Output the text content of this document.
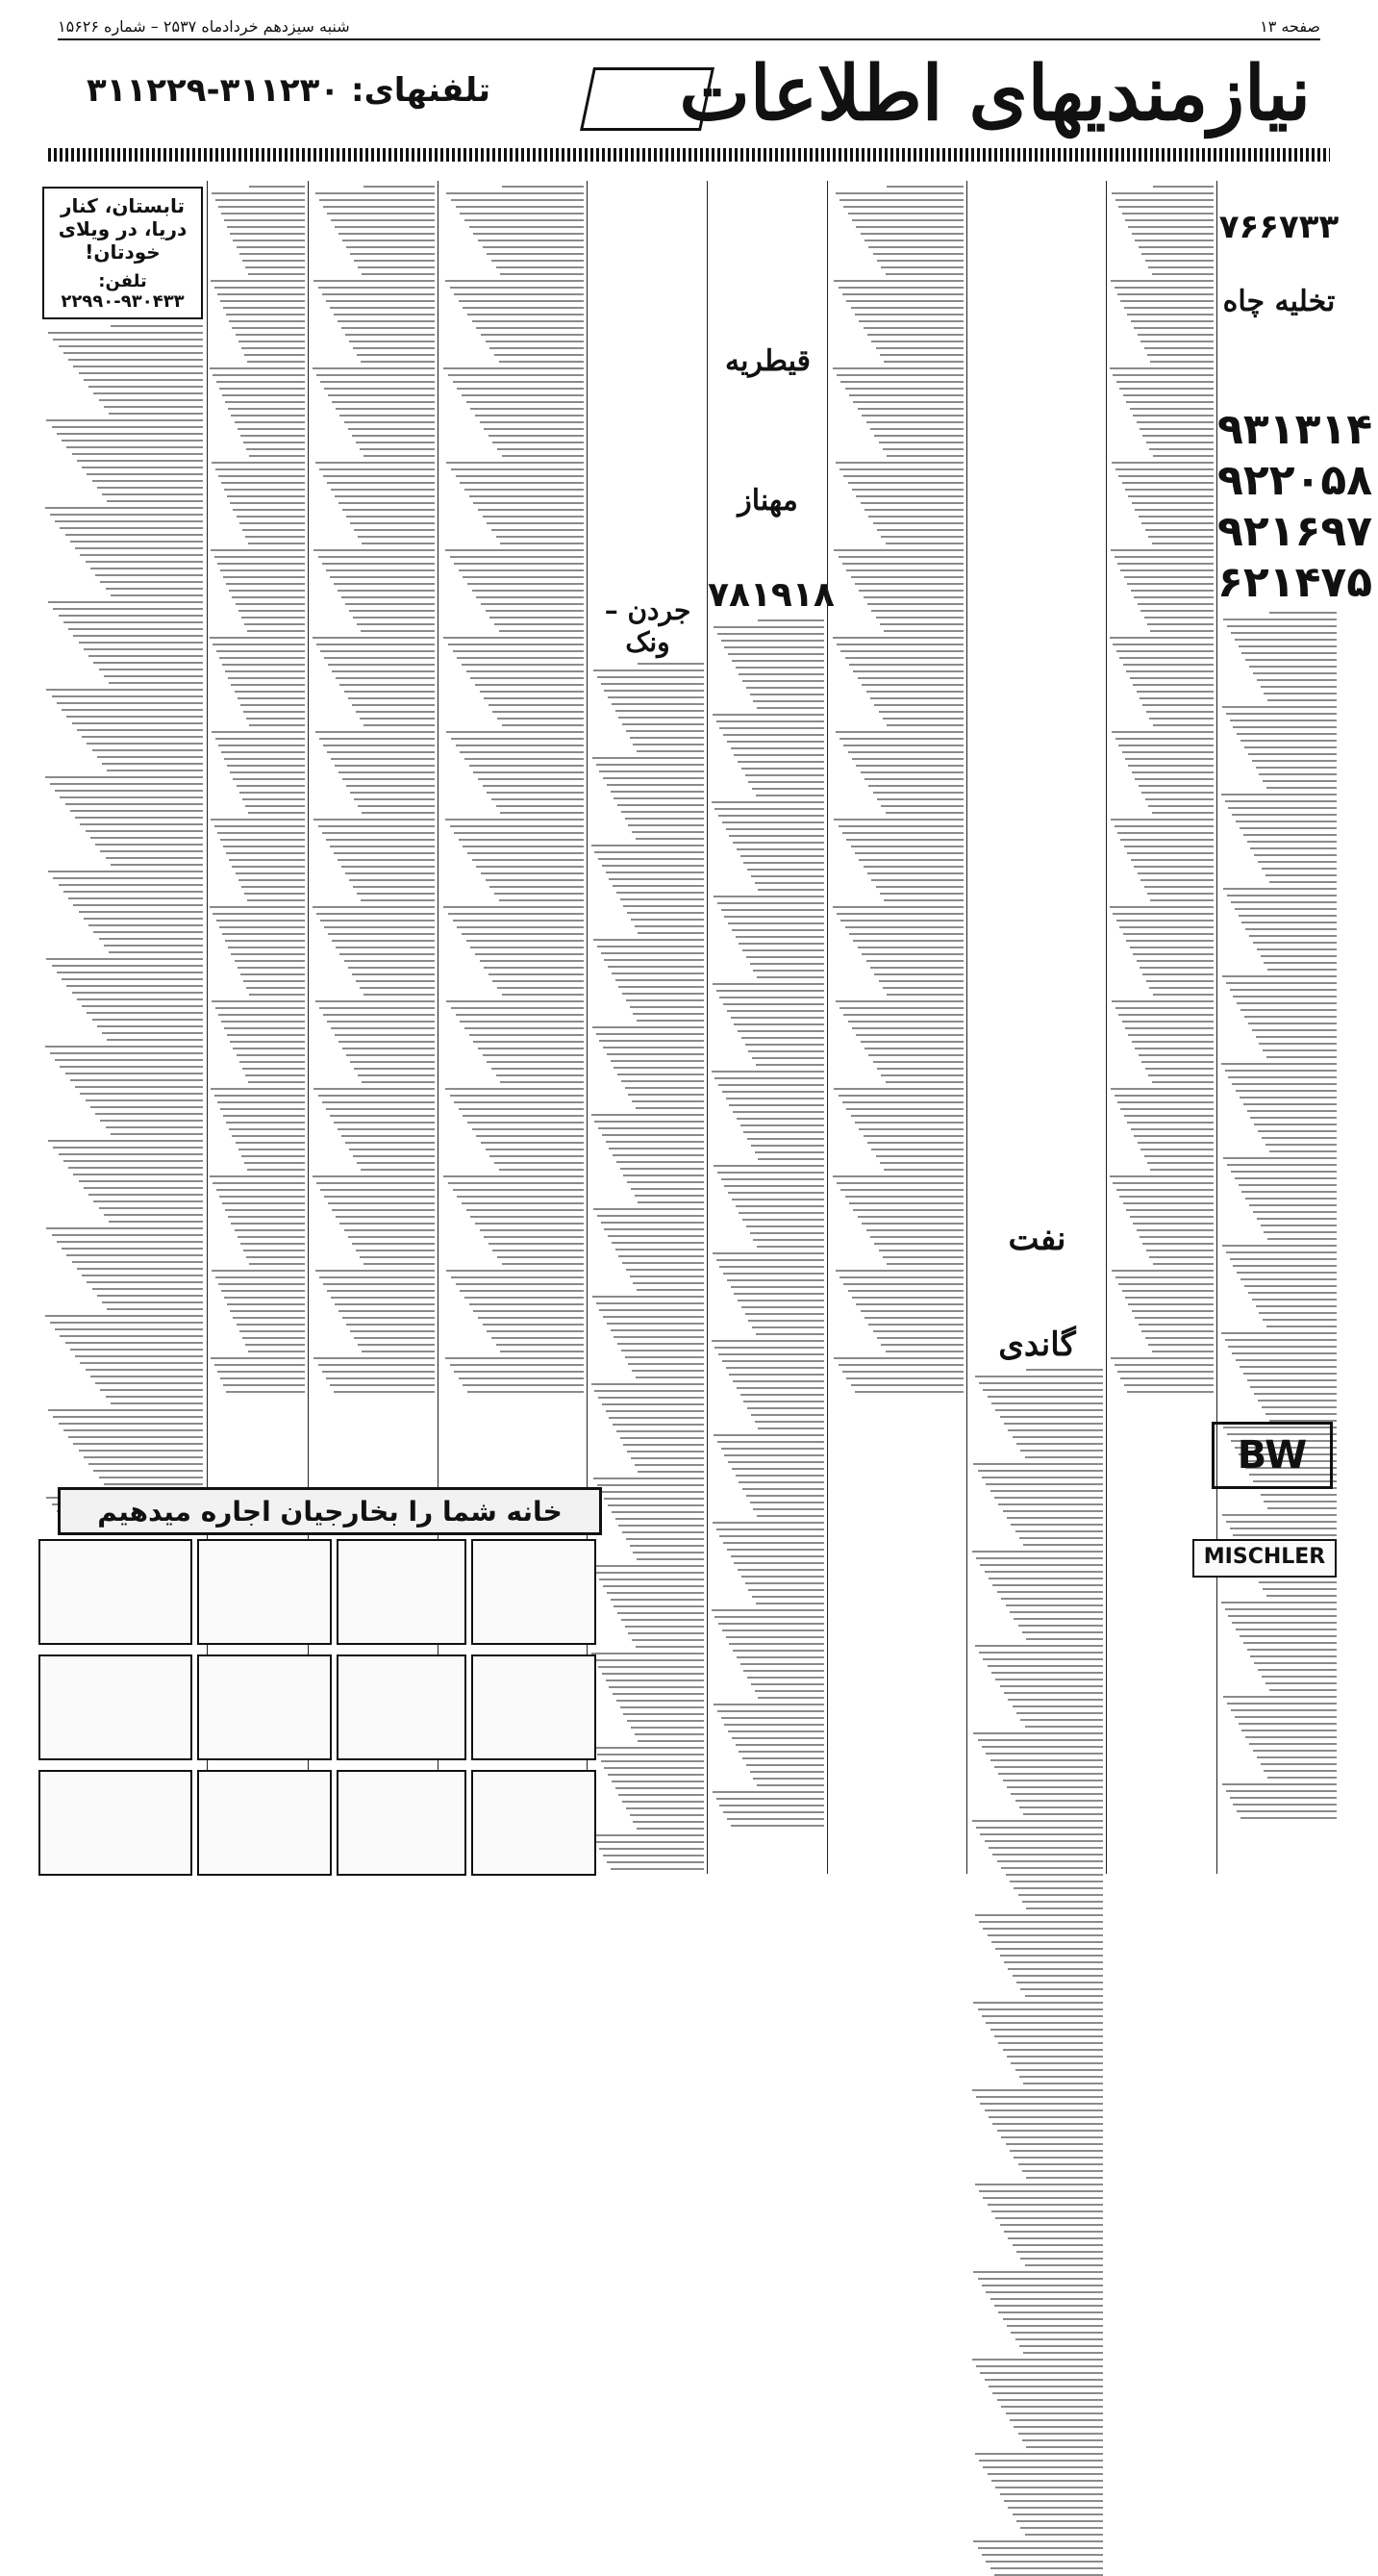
شنبه سیزدهم خردادماه ۲۵۳۷ – شماره ۱۵۶۲۶	صفحه ۱۳
نیازمندیهای اطلاعات
تلفنهای: ۳۱۱۲۳۰-۳۱۱۲۲۹
تابستان، کنار دریا، در ویلای خودتان!
تلفن: ۹۳۰۴۳۳-۲۲۹۹۰
جردن – ونک
قیطریه
مهناز
۷۸۱۹۱۸
نفت
گاندی
۷۶۶۷۳۳
تخلیه چاه
۹۳۱۳۱۴
۹۲۲۰۵۸
۹۲۱۶۹۷
۶۲۱۴۷۵
BW
MISCHLER
خانه شما را بخارجیان اجاره میدهیم
